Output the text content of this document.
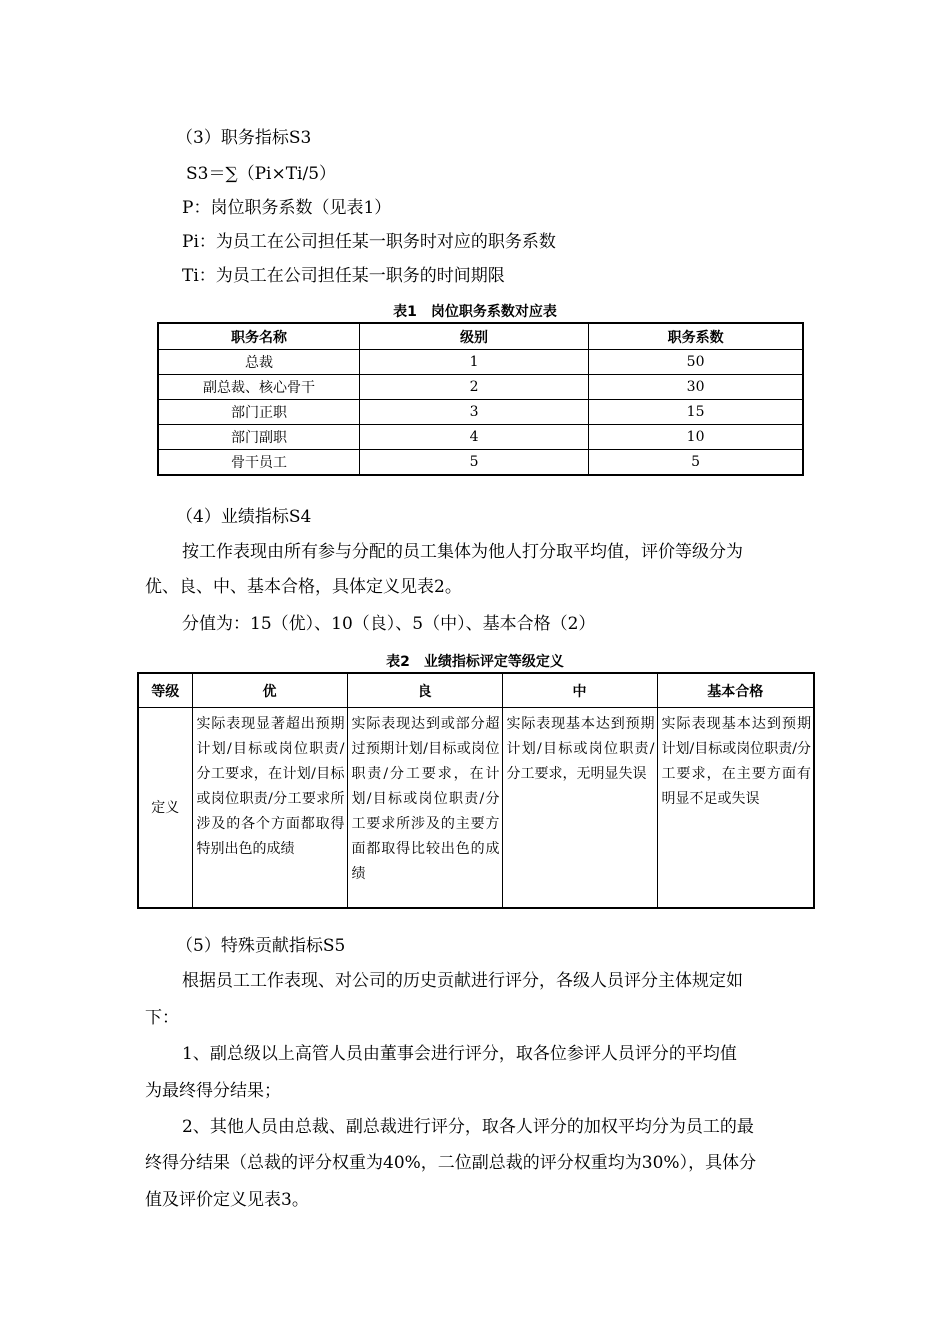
（3）职务指标S3
S3＝∑（Pi×Ti/5）
P：岗位职务系数（见表1）
Pi：为员工在公司担任某一职务时对应的职务系数
Ti：为员工在公司担任某一职务的时间期限
表1　岗位职务系数对应表
职务名称	级别	职务系数
总裁	1	50
副总裁、核心骨干	2	30
部门正职	3	15
部门副职	4	10
骨干员工	5	5
（4）业绩指标S4
按工作表现由所有参与分配的员工集体为他人打分取平均值，评价等级分为
优、良、中、基本合格，具体定义见表2。
分值为：15（优）、10（良）、5（中）、基本合格（2）
表2　业绩指标评定等级定义
等级	优	良	中	基本合格
定义	实际表现显著超出预期计划/目标或岗位职责/分工要求，在计划/目标或岗位职责/分工要求所涉及的各个方面都取得特别出色的成绩	实际表现达到或部分超过预期计划/目标或岗位职责/分工要求，在计划/目标或岗位职责/分工要求所涉及的主要方面都取得比较出色的成绩	实际表现基本达到预期计划/目标或岗位职责/分工要求，无明显失误	实际表现基本达到预期计划/目标或岗位职责/分工要求，在主要方面有明显不足或失误
（5）特殊贡献指标S5
根据员工工作表现、对公司的历史贡献进行评分，各级人员评分主体规定如
下：
1、副总级以上高管人员由董事会进行评分，取各位参评人员评分的平均值
为最终得分结果；
2、其他人员由总裁、副总裁进行评分，取各人评分的加权平均分为员工的最
终得分结果（总裁的评分权重为40%，二位副总裁的评分权重均为30%），具体分
值及评价定义见表3。
